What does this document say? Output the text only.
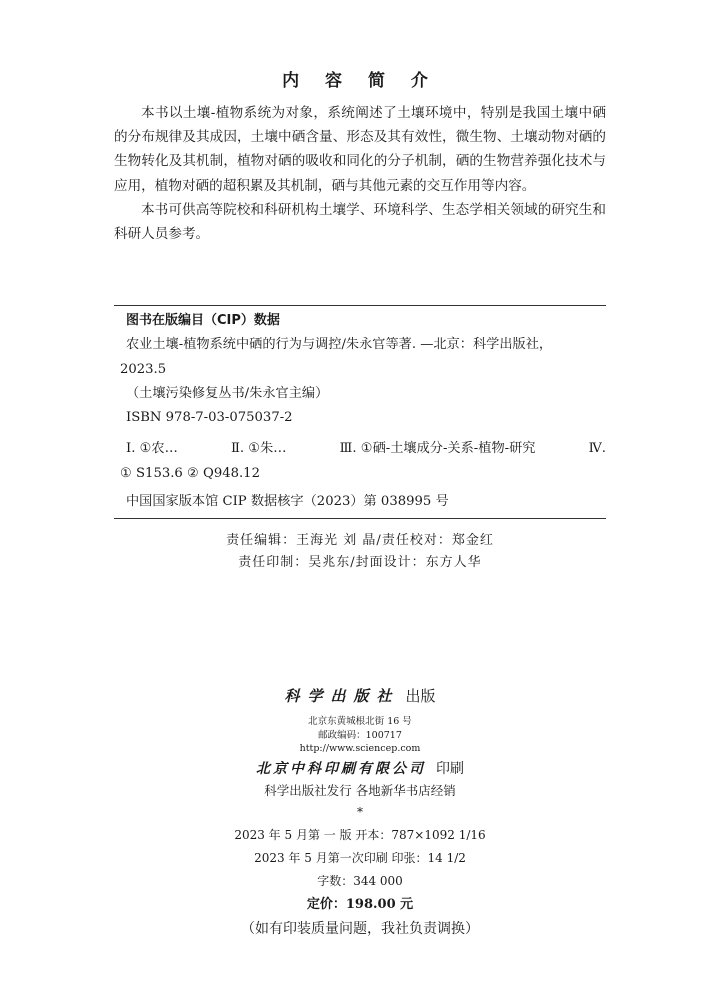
内 容 简 介

本书以土壤-植物系统为对象，系统阐述了土壤环境中，特别是我国土壤中硒的分布规律及其成因，土壤中硒含量、形态及其有效性，微生物、土壤动物对硒的生物转化及其机制，植物对硒的吸收和同化的分子机制，硒的生物营养强化技术与应用，植物对硒的超积累及其机制，硒与其他元素的交互作用等内容。

本书可供高等院校和科研机构土壤学、环境科学、生态学相关领域的研究生和科研人员参考。

图书在版编目（CIP）数据
农业土壤-植物系统中硒的行为与调控/朱永官等著. —北京：科学出版社，
2023.5
（土壤污染修复丛书/朱永官主编）
ISBN 978-7-03-075037-2
Ⅰ. ①农…	Ⅱ. ①朱…	Ⅲ. ①硒-土壤成分-关系-植物-研究	Ⅳ.
① S153.6 ② Q948.12
中国国家版本馆 CIP 数据核字（2023）第 038995 号
责任编辑：王海光 刘 晶/责任校对：郑金红
责任印制：吴兆东/封面设计：东方人华
科学出版社 出版
北京东黄城根北街 16 号
邮政编码：100717
http://www.sciencep.com
北京中科印刷有限公司 印刷
科学出版社发行 各地新华书店经销
*
2023 年 5 月第 一 版 开本：787×1092 1/16
2023 年 5 月第一次印刷 印张：14 1/2
字数：344 000
定价：198.00 元
（如有印装质量问题，我社负责调换）
